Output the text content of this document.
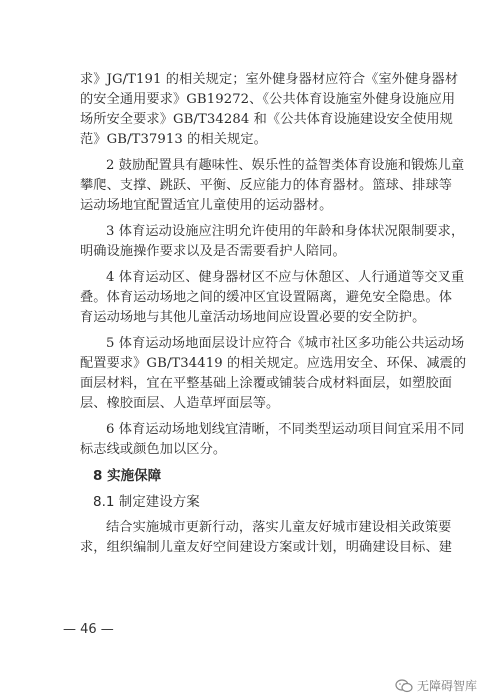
求》JG/T191 的相关规定；室外健身器材应符合《室外健身器材
的安全通用要求》GB19272、《公共体育设施室外健身设施应用
场所安全要求》GB/T34284 和《公共体育设施建设安全使用规
范》GB/T37913 的相关规定。
2 鼓励配置具有趣味性、娱乐性的益智类体育设施和锻炼儿童
攀爬、支撑、跳跃、平衡、反应能力的体育器材。篮球、排球等
运动场地宜配置适宜儿童使用的运动器材。
3 体育运动设施应注明允许使用的年龄和身体状况限制要求，
明确设施操作要求以及是否需要看护人陪同。
4 体育运动区、健身器材区不应与休憩区、人行通道等交叉重
叠。体育运动场地之间的缓冲区宜设置隔离，避免安全隐患。体
育运动场地与其他儿童活动场地间应设置必要的安全防护。
5 体育运动场地面层设计应符合《城市社区多功能公共运动场
配置要求》GB/T34419 的相关规定。应选用安全、环保、减震的
面层材料，宜在平整基础上涂覆或铺装合成材料面层，如塑胶面
层、橡胶面层、人造草坪面层等。
6 体育运动场地划线宜清晰，不同类型运动项目间宜采用不同
标志线或颜色加以区分。
8 实施保障
8.1 制定建设方案
结合实施城市更新行动，落实儿童友好城市建设相关政策要
求，组织编制儿童友好空间建设方案或计划，明确建设目标、建
— 46 —
无障碍智库
